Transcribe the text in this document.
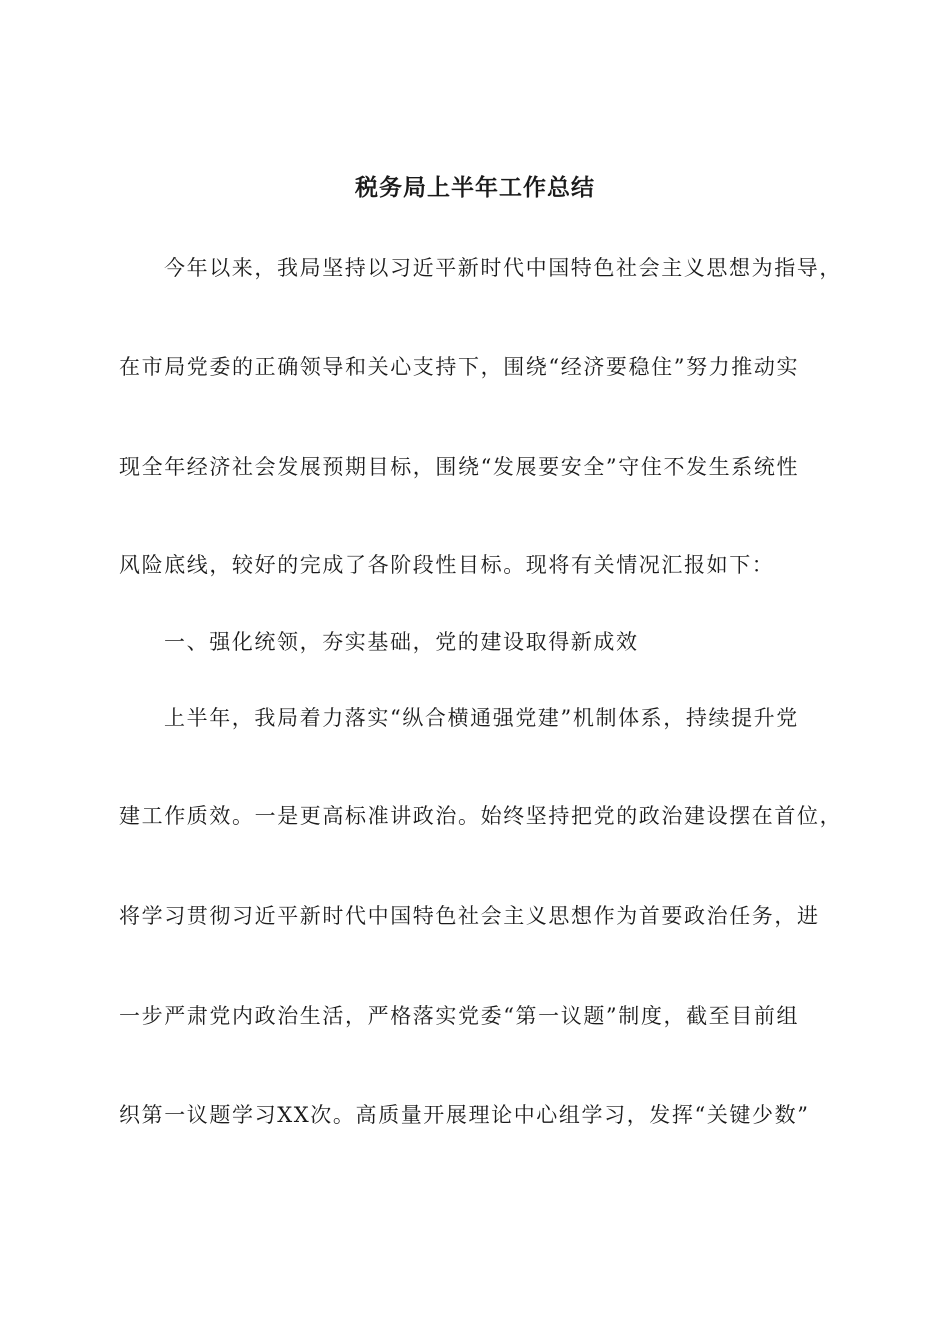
税务局上半年工作总结
今年以来，我局坚持以习近平新时代中国特色社会主义思想为指导，
在市局党委的正确领导和关心支持下，围绕“经济要稳住”努力推动实
现全年经济社会发展预期目标，围绕“发展要安全”守住不发生系统性
风险底线，较好的完成了各阶段性目标。现将有关情况汇报如下：
一、强化统领，夯实基础，党的建设取得新成效
上半年，我局着力落实“纵合横通强党建”机制体系，持续提升党
建工作质效。一是更高标准讲政治。始终坚持把党的政治建设摆在首位，
将学习贯彻习近平新时代中国特色社会主义思想作为首要政治任务，进
一步严肃党内政治生活，严格落实党委“第一议题”制度，截至目前组
织第一议题学习XX次。高质量开展理论中心组学习，发挥“关键少数”
